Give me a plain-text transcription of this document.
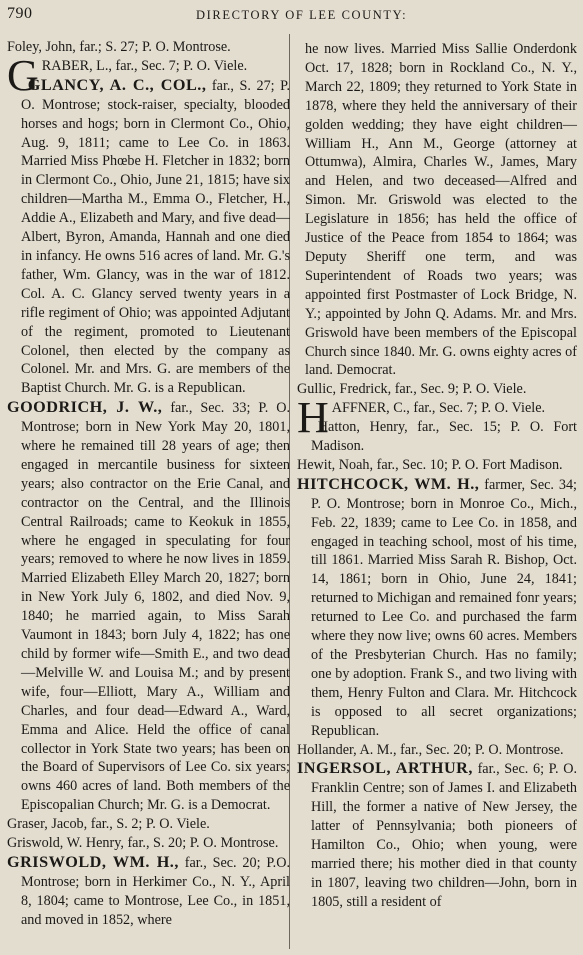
790	DIRECTORY OF LEE COUNTY:

Foley, John, far.; S. 27; P. O. Montrose.

GRABER, L., far., Sec. 7; P. O. Viele.

GLANCY, A. C., COL., far., S. 27; P. O. Montrose; stock-raiser, specialty, blooded horses and hogs; born in Clermont Co., Ohio, Aug. 9, 1811; came to Lee Co. in 1863. Married Miss Phœbe H. Fletcher in 1832; born in Clermont Co., Ohio, June 21, 1815; have six children—Martha M., Emma O., Fletcher, H., Addie A., Elizabeth and Mary, and five dead—Albert, Byron, Amanda, Hannah and one died in infancy. He owns 516 acres of land. Mr. G.'s father, Wm. Glancy, was in the war of 1812. Col. A. C. Glancy served twenty years in a rifle regiment of Ohio; was appointed Adjutant of the regiment, promoted to Lieutenant Colonel, then elected by the company as Colonel. Mr. and Mrs. G. are members of the Baptist Church. Mr. G. is a Republican.

GOODRICH, J. W., far., Sec. 33; P. O. Montrose; born in New York May 20, 1801, where he remained till 28 years of age; then engaged in mercantile business for sixteen years; also contractor on the Erie Canal, and contractor on the Central, and the Illinois Central Railroads; came to Keokuk in 1855, where he engaged in speculating for four years; removed to where he now lives in 1859. Married Elizabeth Elley March 20, 1827; born in New York July 6, 1802, and died Nov. 9, 1840; he married again, to Miss Sarah Vaumont in 1843; born July 4, 1822; has one child by former wife—Smith E., and two dead—Melville W. and Louisa M.; and by present wife, four—Elliott, Mary A., William and Charles, and four dead—Edward A., Ward, Emma and Alice. Held the office of canal collector in York State two years; has been on the Board of Supervisors of Lee Co. six years; owns 460 acres of land. Both members of the Episcopalian Church; Mr. G. is a Democrat.

Graser, Jacob, far., S. 2; P. O. Viele.

Griswold, W. Henry, far., S. 20; P. O. Montrose.

GRISWOLD, WM. H., far., Sec. 20; P.O. Montrose; born in Herkimer Co., N. Y., April 8, 1804; came to Montrose, Lee Co., in 1851, and moved in 1852, where

he now lives. Married Miss Sallie Onderdonk Oct. 17, 1828; born in Rockland Co., N. Y., March 22, 1809; they returned to York State in 1878, where they held the anniversary of their golden wedding; they have eight children—William H., Ann M., George (attorney at Ottumwa), Almira, Charles W., James, Mary and Helen, and two deceased—Alfred and Simon. Mr. Griswold was elected to the Legislature in 1856; has held the office of Justice of the Peace from 1854 to 1864; was Deputy Sheriff one term, and was Superintendent of Roads two years; was appointed first Postmaster of Lock Bridge, N. Y.; appointed by John Q. Adams. Mr. and Mrs. Griswold have been members of the Episcopal Church since 1840. Mr. G. owns eighty acres of land. Democrat.

Gullic, Fredrick, far., Sec. 9; P. O. Viele.

HAFFNER, C., far., Sec. 7; P. O. Viele.

Hatton, Henry, far., Sec. 15; P. O. Fort Madison.

Hewit, Noah, far., Sec. 10; P. O. Fort Madison.

HITCHCOCK, WM. H., farmer, Sec. 34; P. O. Montrose; born in Monroe Co., Mich., Feb. 22, 1839; came to Lee Co. in 1858, and engaged in teaching school, most of his time, till 1861. Married Miss Sarah R. Bishop, Oct. 14, 1861; born in Ohio, June 24, 1841; returned to Michigan and remained fonr years; returned to Lee Co. and purchased the farm where they now live; owns 60 acres. Members of the Presbyterian Church. Has no family; one by adoption. Frank S., and two living with them, Henry Fulton and Clara. Mr. Hitchcock is opposed to all secret organizations; Republican.

Hollander, A. M., far., Sec. 20; P. O. Montrose.

INGERSOL, ARTHUR, far., Sec. 6; P. O. Franklin Centre; son of James I. and Elizabeth Hill, the former a native of New Jersey, the latter of Pennsylvania; both pioneers of Hamilton Co., Ohio; when young, were married there; his mother died in that county in 1807, leaving two children—John, born in 1805, still a resident of
